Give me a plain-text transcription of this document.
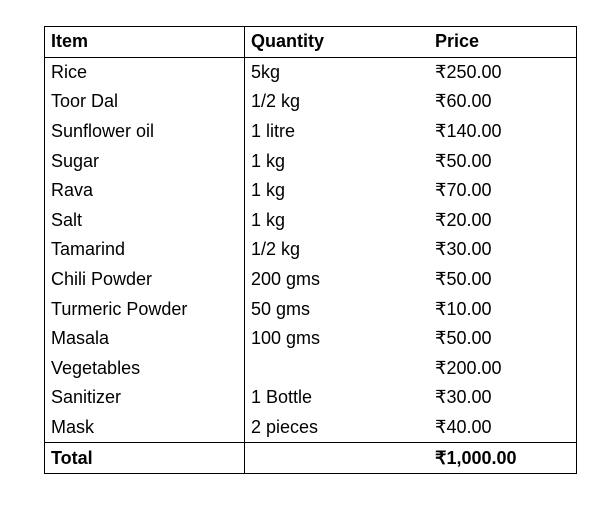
Item	Quantity	Price
Rice	5kg	₹250.00
Toor Dal	1/2 kg	₹60.00
Sunflower oil	1 litre	₹140.00
Sugar	1 kg	₹50.00
Rava	1 kg	₹70.00
Salt	1 kg	₹20.00
Tamarind	1/2 kg	₹30.00
Chili Powder	200 gms	₹50.00
Turmeric Powder	50 gms	₹10.00
Masala	100 gms	₹50.00
Vegetables		₹200.00
Sanitizer	1 Bottle	₹30.00
Mask	2 pieces	₹40.00
Total		₹1,000.00
